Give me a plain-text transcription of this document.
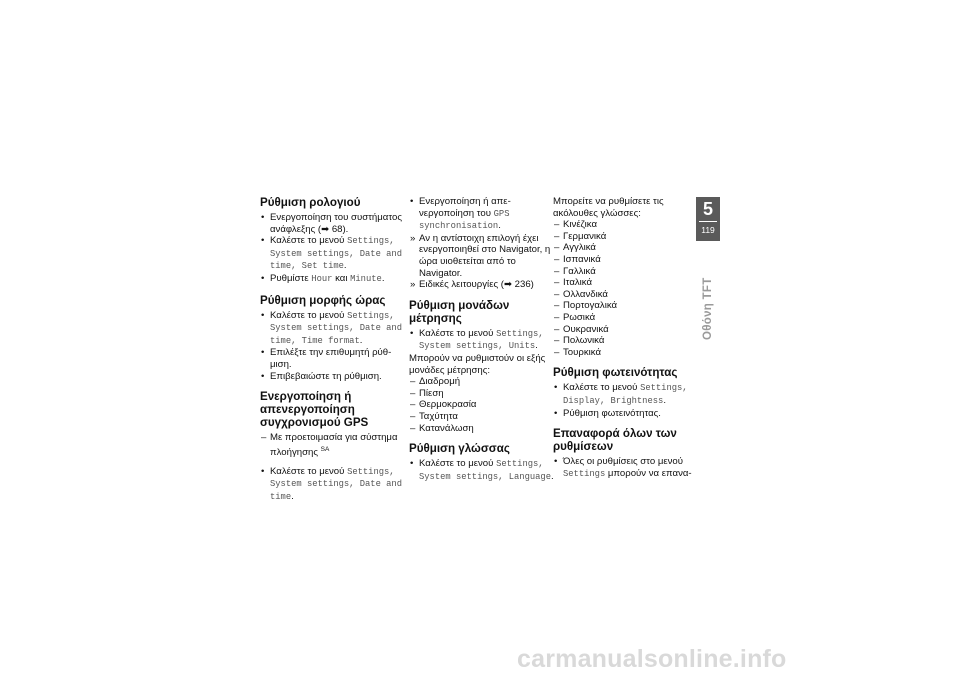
Ρύθμιση ρολογιού

• Ενεργοποίηση του συστήματος ανάφλεξης (➡ 68).

• Καλέστε το μενού Settings, System settings, Date and time, Set time.

• Ρυθμίστε Hour και Minute.

Ρύθμιση μορφής ώρας

• Καλέστε το μενού Settings, System settings, Date and time, Time format.

• Επιλέξτε την επιθυμητή ρύθ- μιση.

• Επιβεβαιώστε τη ρύθμιση.

Ενεργοποίηση ή απενεργοποίηση συγχρονισμού GPS

– Με προετοιμασία για σύστημα πλοήγησης $^{SA}$

• Καλέστε το μενού Settings, System settings, Date and time.

• Ενεργοποίηση ή απε- νεργοποίηση του GPS synchronisation.

» Αν η αντίστοιχη επιλογή έχει ενεργοποιηθεί στο Navigator, η ώρα υιοθετείται από το Navigator.

» Ειδικές λειτουργίες (➡ 236)

Ρύθμιση μονάδων μέτρησης

• Καλέστε το μενού Settings, System settings, Units.

Μπορούν να ρυθμιστούν οι εξής μονάδες μέτρησης:

– Διαδρομή

– Πίεση

– Θερμοκρασία

– Ταχύτητα

– Κατανάλωση

Ρύθμιση γλώσσας

• Καλέστε το μενού Settings, System settings, Language.

Μπορείτε να ρυθμίσετε τις ακόλουθες γλώσσες:

– Κινέζικα

– Γερμανικά

– Αγγλικά

– Ισπανικά

– Γαλλικά

– Ιταλικά

– Ολλανδικά

– Πορτογαλικά

– Ρωσικά

– Ουκρανικά

– Πολωνικά

– Τουρκικά

Ρύθμιση φωτεινότητας

• Καλέστε το μενού Settings, Display, Brightness.

• Ρύθμιση φωτεινότητας.

Επαναφορά όλων των ρυθμίσεων

• Όλες οι ρυθμίσεις στο μενού Settings μπορούν να επανα-

5
119
Οθόνη TFT
carmanualsonline.info
